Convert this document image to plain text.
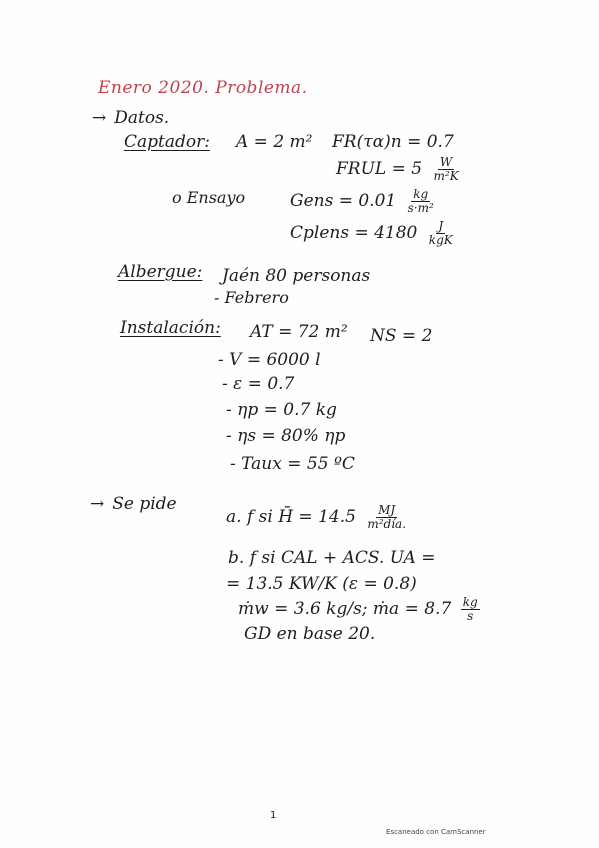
Enero 2020. Problema.
→ Datos.
Captador: A = 2 m² FR(τα)n = 0.7
FRUL = $5 \frac{W}{\text{m²K}}$
o Ensayo	Gens = $0.01 \frac{kg}{\text{s·m²}}$
Cplens = $4180 \frac{J}{\text{kgK}}$
Albergue: Jaén 80 personas
- Febrero
Instalación: AT = 72 m² NS = 2
- V = 6000 l
- ε = 0.7
- ηp = 0.7 kg
- ηs = 80% ηp
- Taux = 55 ºC
→ Se pide
a. f si H̄ = $14.5 \frac{MJ}{\text{m²día.}}$
b. f si CAL + ACS. UA =
= 13.5 KW/K (ε = 0.8)
ṁw = 3.6 kg/s; ṁa = $8.7 \frac{kg}{s}$
GD en base 20.
1
Escaneado con CamScanner
